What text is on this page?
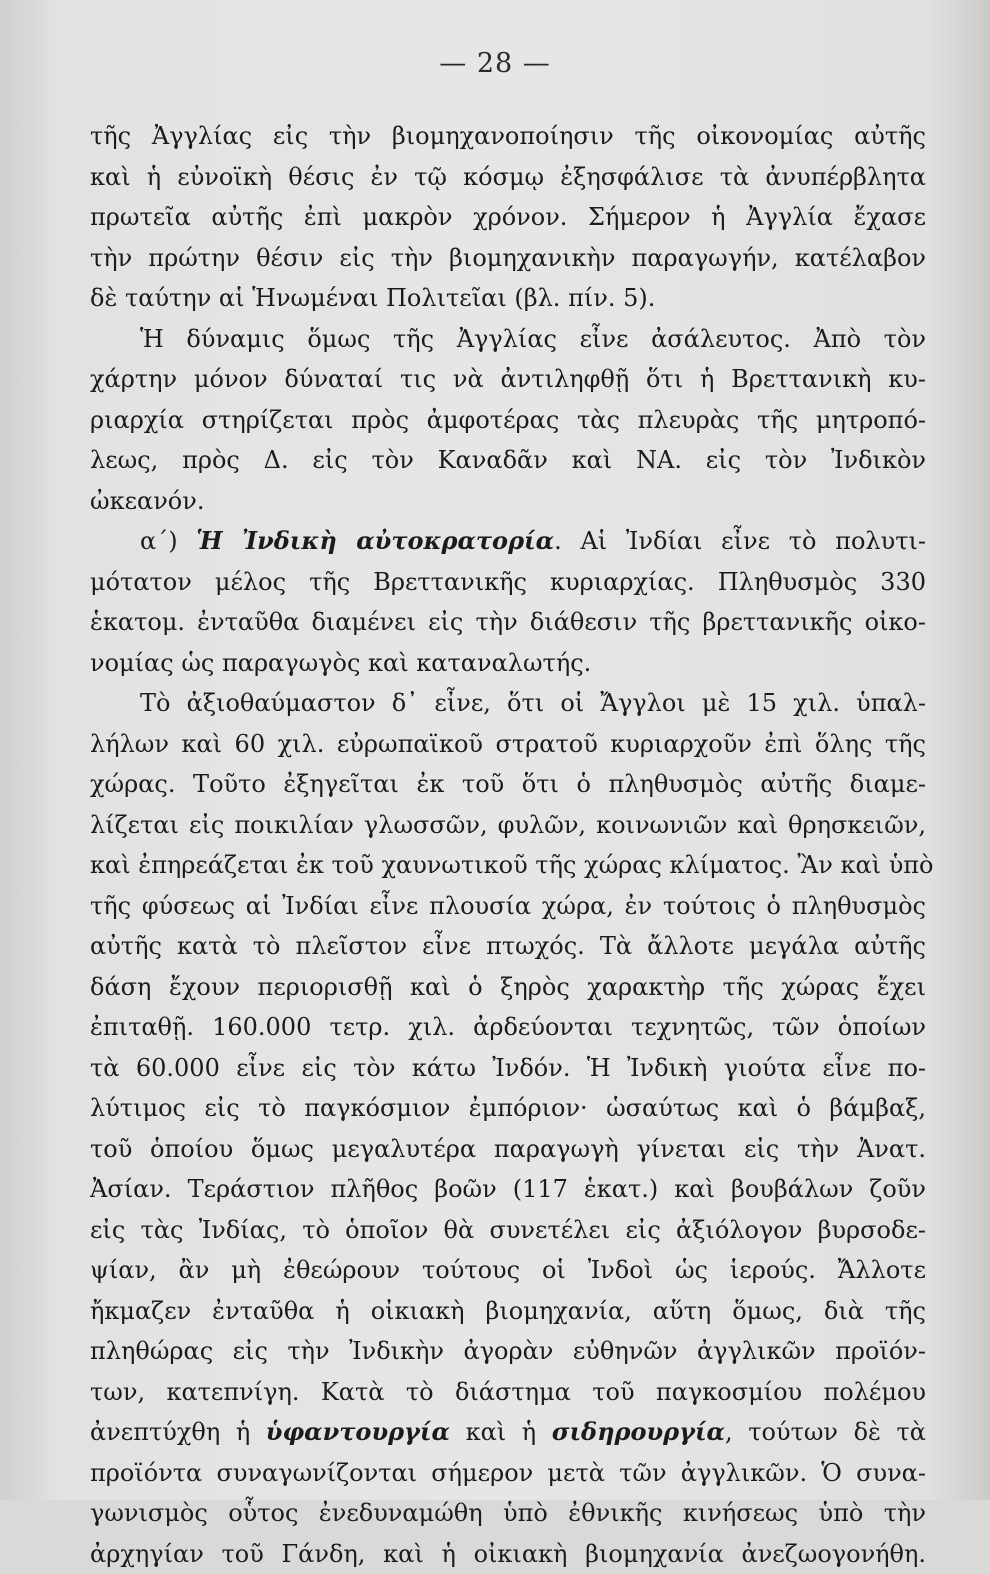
— 28 —
τῆς Ἀγγλίας εἰς τὴν βιομηχανοποίησιν τῆς οἰκονομίας αὐτῆς
καὶ ἡ εὐνοϊκὴ θέσις ἐν τῷ κόσμῳ ἐξησφάλισε τὰ ἀνυπέρβλητα
πρωτεῖα αὐτῆς ἐπὶ μακρὸν χρόνον. Σήμερον ἡ Ἀγγλία ἔχασε
τὴν πρώτην θέσιν εἰς τὴν βιομηχανικὴν παραγωγήν, κατέλαβον
δὲ ταύτην αἱ Ἡνωμέναι Πολιτεῖαι (βλ. πίν. 5).
Ἡ δύναμις ὅμως τῆς Ἀγγλίας εἶνε ἀσάλευτος. Ἀπὸ τὸν
χάρτην μόνον δύναταί τις νὰ ἀντιληφθῇ ὅτι ἡ Βρεττανικὴ κυ-
ριαρχία στηρίζεται πρὸς ἀμφοτέρας τὰς πλευρὰς τῆς μητροπό-
λεως, πρὸς Δ. εἰς τὸν Καναδᾶν καὶ ΝΑ. εἰς τὸν Ἰνδικὸν
ὠκεανόν.
α΄) Ἡ Ἰνδικὴ αὐτοκρατορία. Αἱ Ἰνδίαι εἶνε τὸ πολυτι-
μότατον μέλος τῆς Βρεττανικῆς κυριαρχίας. Πληθυσμὸς 330
ἑκατομ. ἐνταῦθα διαμένει εἰς τὴν διάθεσιν τῆς βρεττανικῆς οἰκο-
νομίας ὡς παραγωγὸς καὶ καταναλωτής.
Τὸ ἀξιοθαύμαστον δ᾽ εἶνε, ὅτι οἱ Ἄγγλοι μὲ 15 χιλ. ὑπαλ-
λήλων καὶ 60 χιλ. εὐρωπαϊκοῦ στρατοῦ κυριαρχοῦν ἐπὶ ὅλης τῆς
χώρας. Τοῦτο ἐξηγεῖται ἐκ τοῦ ὅτι ὁ πληθυσμὸς αὐτῆς διαμε-
λίζεται εἰς ποικιλίαν γλωσσῶν, φυλῶν, κοινωνιῶν καὶ θρησκειῶν,
καὶ ἐπηρεάζεται ἐκ τοῦ χαυνωτικοῦ τῆς χώρας κλίματος. Ἂν καὶ ὑπὸ
τῆς φύσεως αἱ Ἰνδίαι εἶνε πλουσία χώρα, ἐν τούτοις ὁ πληθυσμὸς
αὐτῆς κατὰ τὸ πλεῖστον εἶνε πτωχός. Τὰ ἄλλοτε μεγάλα αὐτῆς
δάση ἔχουν περιορισθῇ καὶ ὁ ξηρὸς χαρακτὴρ τῆς χώρας ἔχει
ἐπιταθῇ. 160.000 τετρ. χιλ. ἀρδεύονται τεχνητῶς, τῶν ὁποίων
τὰ 60.000 εἶνε εἰς τὸν κάτω Ἰνδόν. Ἡ Ἰνδικὴ γιούτα εἶνε πο-
λύτιμος εἰς τὸ παγκόσμιον ἐμπόριον· ὡσαύτως καὶ ὁ βάμβαξ,
τοῦ ὁποίου ὅμως μεγαλυτέρα παραγωγὴ γίνεται εἰς τὴν Ἀνατ.
Ἀσίαν. Τεράστιον πλῆθος βοῶν (117 ἑκατ.) καὶ βουβάλων ζοῦν
εἰς τὰς Ἰνδίας, τὸ ὁποῖον θὰ συνετέλει εἰς ἀξιόλογον βυρσοδε-
ψίαν, ἂν μὴ ἐθεώρουν τούτους οἱ Ἰνδοὶ ὡς ἱερούς. Ἄλλοτε
ἤκμαζεν ἐνταῦθα ἡ οἰκιακὴ βιομηχανία, αὕτη ὅμως, διὰ τῆς
πληθώρας εἰς τὴν Ἰνδικὴν ἀγορὰν εὐθηνῶν ἀγγλικῶν προϊόν-
των, κατεπνίγη. Κατὰ τὸ διάστημα τοῦ παγκοσμίου πολέμου
ἀνεπτύχθη ἡ ὑφαντουργία καὶ ἡ σιδηρουργία, τούτων δὲ τὰ
προϊόντα συναγωνίζονται σήμερον μετὰ τῶν ἀγγλικῶν. Ὁ συνα-
γωνισμὸς οὗτος ἐνεδυναμώθη ὑπὸ ἐθνικῆς κινήσεως ὑπὸ τὴν
ἀρχηγίαν τοῦ Γάνδη, καὶ ἡ οἰκιακὴ βιομηχανία ἀνεζωογονήθη.
